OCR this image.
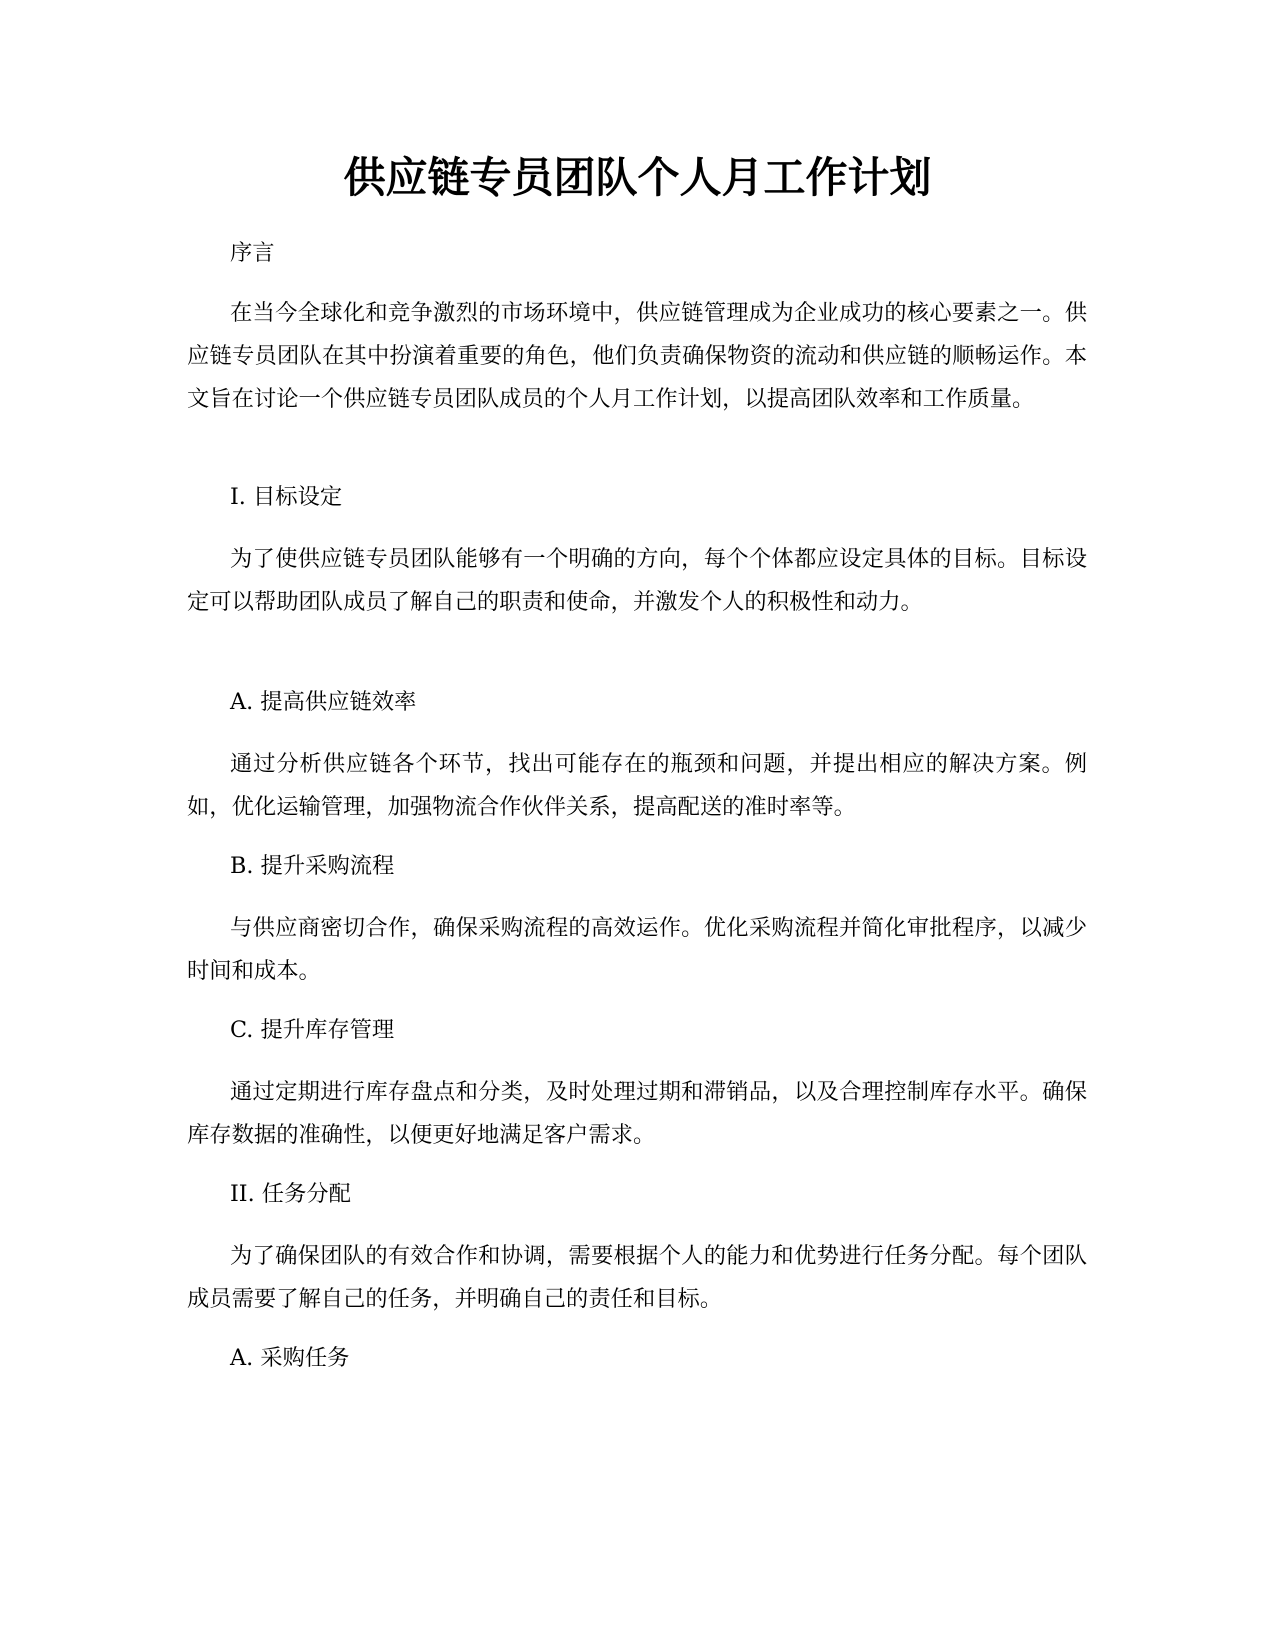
供应链专员团队个人月工作计划

序言

在当今全球化和竞争激烈的市场环境中，供应链管理成为企业成功的核心要素之一。供应链专员团队在其中扮演着重要的角色，他们负责确保物资的流动和供应链的顺畅运作。本文旨在讨论一个供应链专员团队成员的个人月工作计划，以提高团队效率和工作质量。

I. 目标设定

为了使供应链专员团队能够有一个明确的方向，每个个体都应设定具体的目标。目标设定可以帮助团队成员了解自己的职责和使命，并激发个人的积极性和动力。

A. 提高供应链效率

通过分析供应链各个环节，找出可能存在的瓶颈和问题，并提出相应的解决方案。例如，优化运输管理，加强物流合作伙伴关系，提高配送的准时率等。

B. 提升采购流程

与供应商密切合作，确保采购流程的高效运作。优化采购流程并简化审批程序，以减少时间和成本。

C. 提升库存管理

通过定期进行库存盘点和分类，及时处理过期和滞销品，以及合理控制库存水平。确保库存数据的准确性，以便更好地满足客户需求。

II. 任务分配

为了确保团队的有效合作和协调，需要根据个人的能力和优势进行任务分配。每个团队成员需要了解自己的任务，并明确自己的责任和目标。

A. 采购任务
